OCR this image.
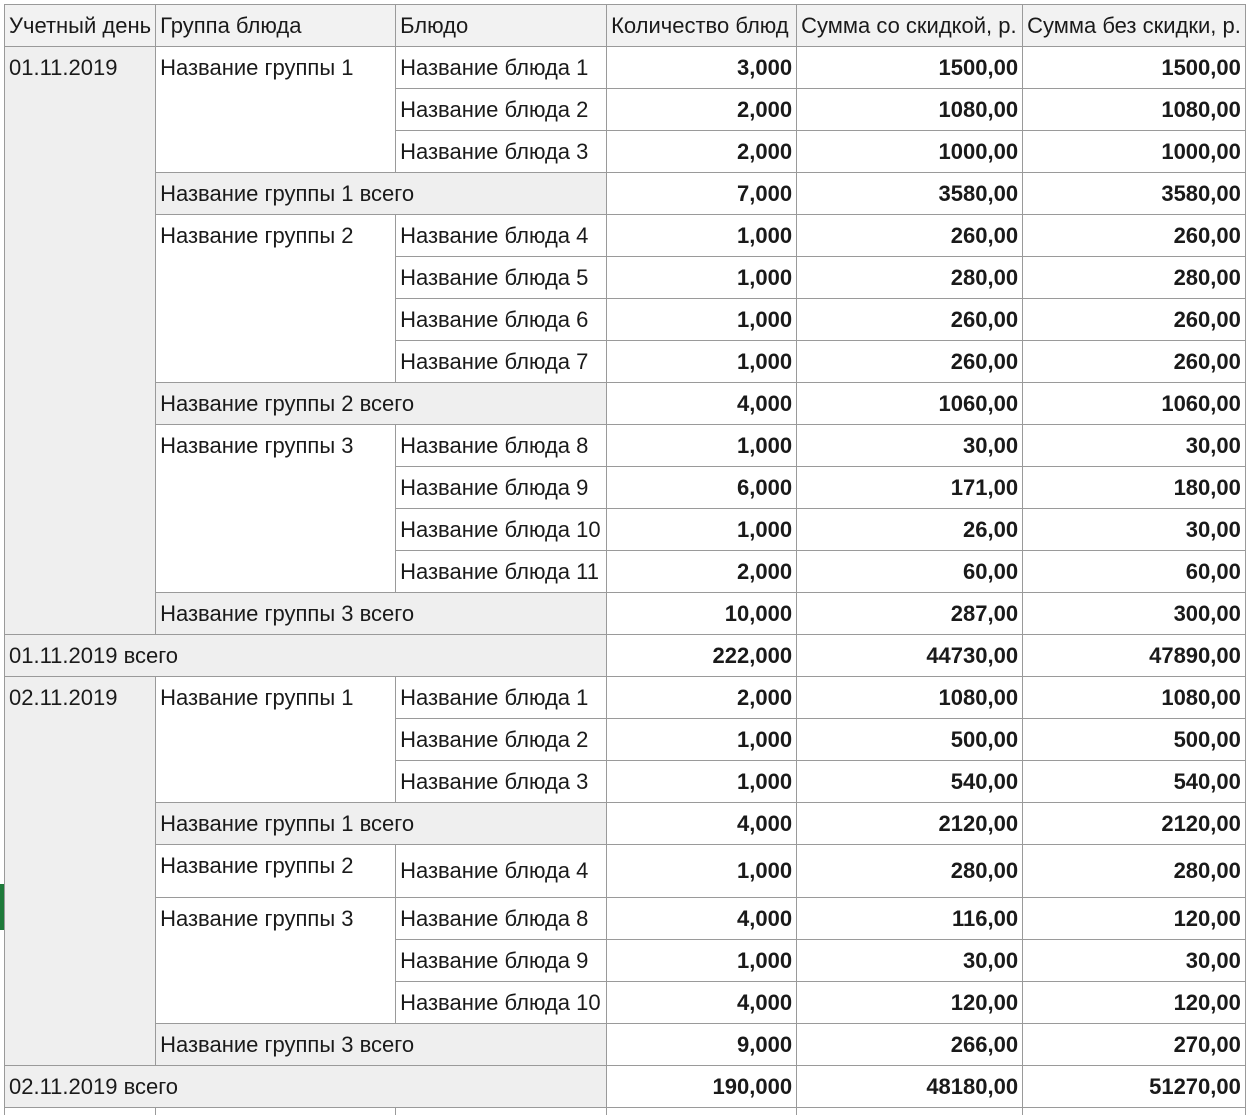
Учетный день	Группа блюда	Блюдо	Количество блюд	Сумма со скидкой, р.	Сумма без скидки, р.
01.11.2019	Название группы 1	Название блюда 1	3,000	1500,00	1500,00
		Название блюда 2	2,000	1080,00	1080,00
		Название блюда 3	2,000	1000,00	1000,00
	Название группы 1 всего		7,000	3580,00	3580,00
	Название группы 2	Название блюда 4	1,000	260,00	260,00
		Название блюда 5	1,000	280,00	280,00
		Название блюда 6	1,000	260,00	260,00
		Название блюда 7	1,000	260,00	260,00
	Название группы 2 всего		4,000	1060,00	1060,00
	Название группы 3	Название блюда 8	1,000	30,00	30,00
		Название блюда 9	6,000	171,00	180,00
		Название блюда 10	1,000	26,00	30,00
		Название блюда 11	2,000	60,00	60,00
	Название группы 3 всего		10,000	287,00	300,00
01.11.2019 всего			222,000	44730,00	47890,00
02.11.2019	Название группы 1	Название блюда 1	2,000	1080,00	1080,00
		Название блюда 2	1,000	500,00	500,00
		Название блюда 3	1,000	540,00	540,00
	Название группы 1 всего		4,000	2120,00	2120,00
	Название группы 2	Название блюда 4	1,000	280,00	280,00
	Название группы 3	Название блюда 8	4,000	116,00	120,00
		Название блюда 9	1,000	30,00	30,00
		Название блюда 10	4,000	120,00	120,00
	Название группы 3 всего		9,000	266,00	270,00
02.11.2019 всего			190,000	48180,00	51270,00
